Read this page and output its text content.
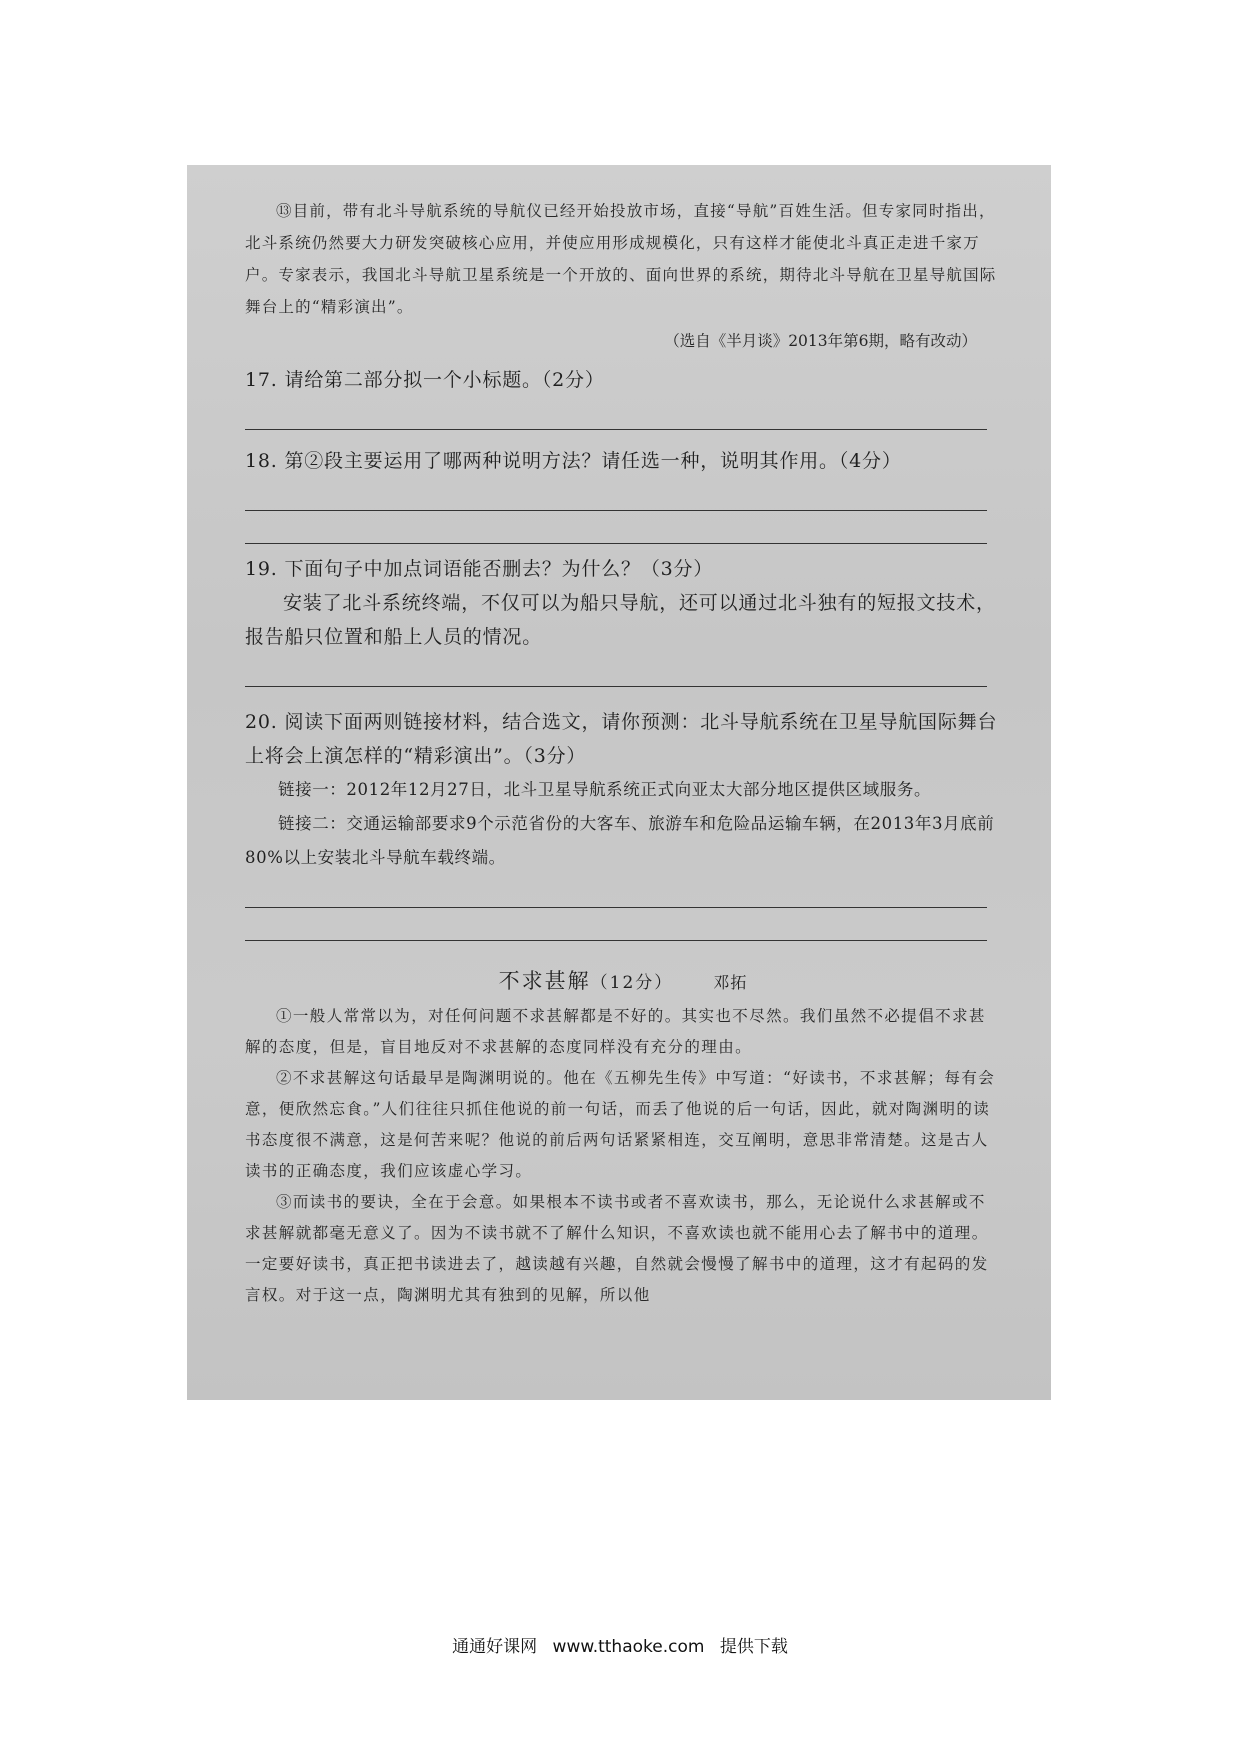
⑬目前，带有北斗导航系统的导航仪已经开始投放市场，直接“导航”百姓生活。但专家同时指出，北斗系统仍然要大力研发突破核心应用，并使应用形成规模化，只有这样才能使北斗真正走进千家万户。专家表示，我国北斗导航卫星系统是一个开放的、面向世界的系统，期待北斗导航在卫星导航国际舞台上的“精彩演出”。

（选自《半月谈》2013年第6期，略有改动）
17. 请给第二部分拟一个小标题。（2分）
18. 第②段主要运用了哪两种说明方法？请任选一种，说明其作用。（4分）
19. 下面句子中加点词语能否删去？为什么？（3分）

安装了北斗系统终端，不仅可以为船只导航，还可以通过北斗独有的短报文技术，报告船只位置和船上人员的情况。

20. 阅读下面两则链接材料，结合选文，请你预测：北斗导航系统在卫星导航国际舞台上将会上演怎样的“精彩演出”。（3分）

链接一：2012年12月27日，北斗卫星导航系统正式向亚太大部分地区提供区域服务。

链接二：交通运输部要求9个示范省份的大客车、旅游车和危险品运输车辆，在2013年3月底前80%以上安装北斗导航车载终端。

不求甚解（12分）	邓拓

①一般人常常以为，对任何问题不求甚解都是不好的。其实也不尽然。我们虽然不必提倡不求甚解的态度，但是，盲目地反对不求甚解的态度同样没有充分的理由。

②不求甚解这句话最早是陶渊明说的。他在《五柳先生传》中写道：“好读书，不求甚解；每有会意，便欣然忘食。”人们往往只抓住他说的前一句话，而丢了他说的后一句话，因此，就对陶渊明的读书态度很不满意，这是何苦来呢？他说的前后两句话紧紧相连，交互阐明，意思非常清楚。这是古人读书的正确态度，我们应该虚心学习。

③而读书的要诀，全在于会意。如果根本不读书或者不喜欢读书，那么，无论说什么求甚解或不求甚解就都毫无意义了。因为不读书就不了解什么知识，不喜欢读也就不能用心去了解书中的道理。一定要好读书，真正把书读进去了，越读越有兴趣，自然就会慢慢了解书中的道理，这才有起码的发言权。对于这一点，陶渊明尤其有独到的见解，所以他

通通好课网 www.tthaoke.com 提供下载
